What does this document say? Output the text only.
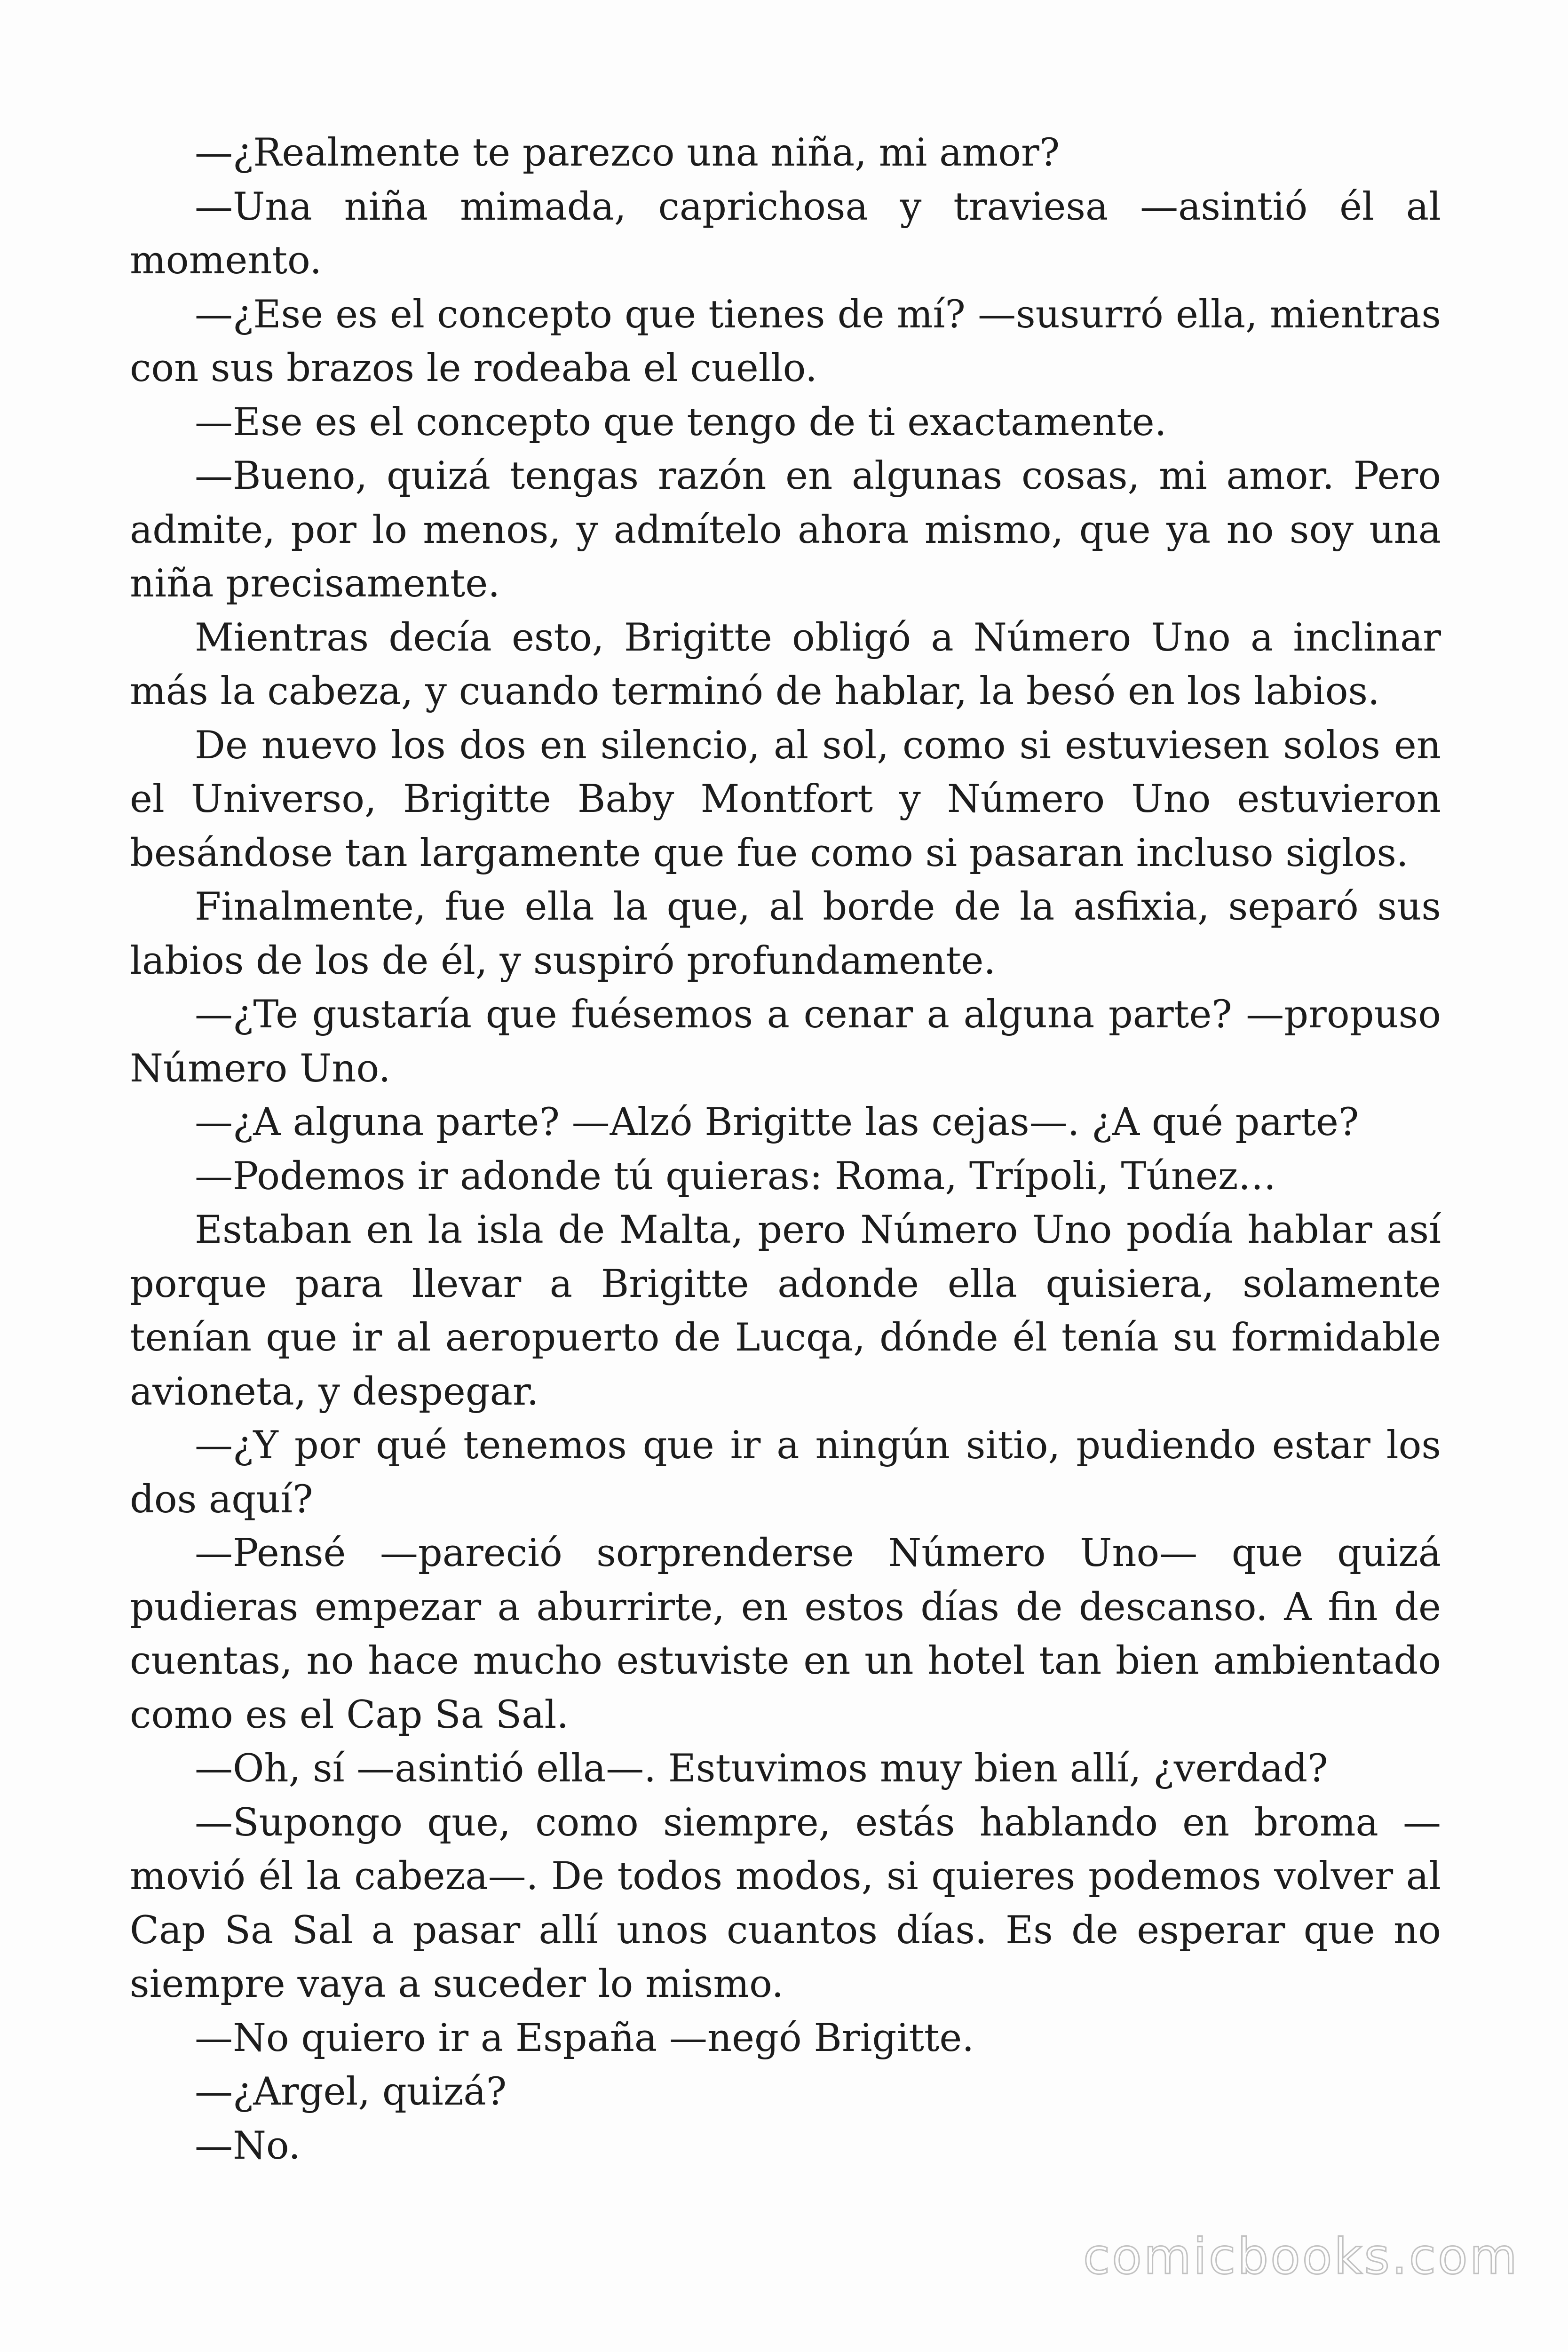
—¿Realmente te parezco una niña, mi amor?

—Una niña mimada, caprichosa y traviesa —asintió él al momento.

—¿Ese es el concepto que tienes de mí? —susurró ella, mientras con sus brazos le rodeaba el cuello.

—Ese es el concepto que tengo de ti exactamente.

—Bueno, quizá tengas razón en algunas cosas, mi amor. Pero admite, por lo menos, y admítelo ahora mismo, que ya no soy una niña precisamente.

Mientras decía esto, Brigitte obligó a Número Uno a inclinar más la cabeza, y cuando terminó de hablar, la besó en los labios.

De nuevo los dos en silencio, al sol, como si estuviesen solos en el Universo, Brigitte Baby Montfort y Número Uno estuvieron besándose tan largamente que fue como si pasaran incluso siglos.

Finalmente, fue ella la que, al borde de la asfixia, separó sus labios de los de él, y suspiró profundamente.

—¿Te gustaría que fuésemos a cenar a alguna parte? —propuso Número Uno.

—¿A alguna parte? —Alzó Brigitte las cejas—. ¿A qué parte?

—Podemos ir adonde tú quieras: Roma, Trípoli, Túnez…

Estaban en la isla de Malta, pero Número Uno podía hablar así porque para llevar a Brigitte adonde ella quisiera, solamente tenían que ir al aeropuerto de Lucqa, dónde él tenía su formidable avioneta, y despegar.

—¿Y por qué tenemos que ir a ningún sitio, pudiendo estar los dos aquí?

—Pensé —pareció sorprenderse Número Uno— que quizá pudieras empezar a aburrirte, en estos días de descanso. A fin de cuentas, no hace mucho estuviste en un hotel tan bien ambientado como es el Cap Sa Sal.

—Oh, sí —asintió ella—. Estuvimos muy bien allí, ¿verdad?

—Supongo que, como siempre, estás hablando en broma —movió él la cabeza—. De todos modos, si quieres podemos volver al Cap Sa Sal a pasar allí unos cuantos días. Es de esperar que no siempre vaya a suceder lo mismo.

—No quiero ir a España —negó Brigitte.

—¿Argel, quizá?

—No.

comicbooks.com
